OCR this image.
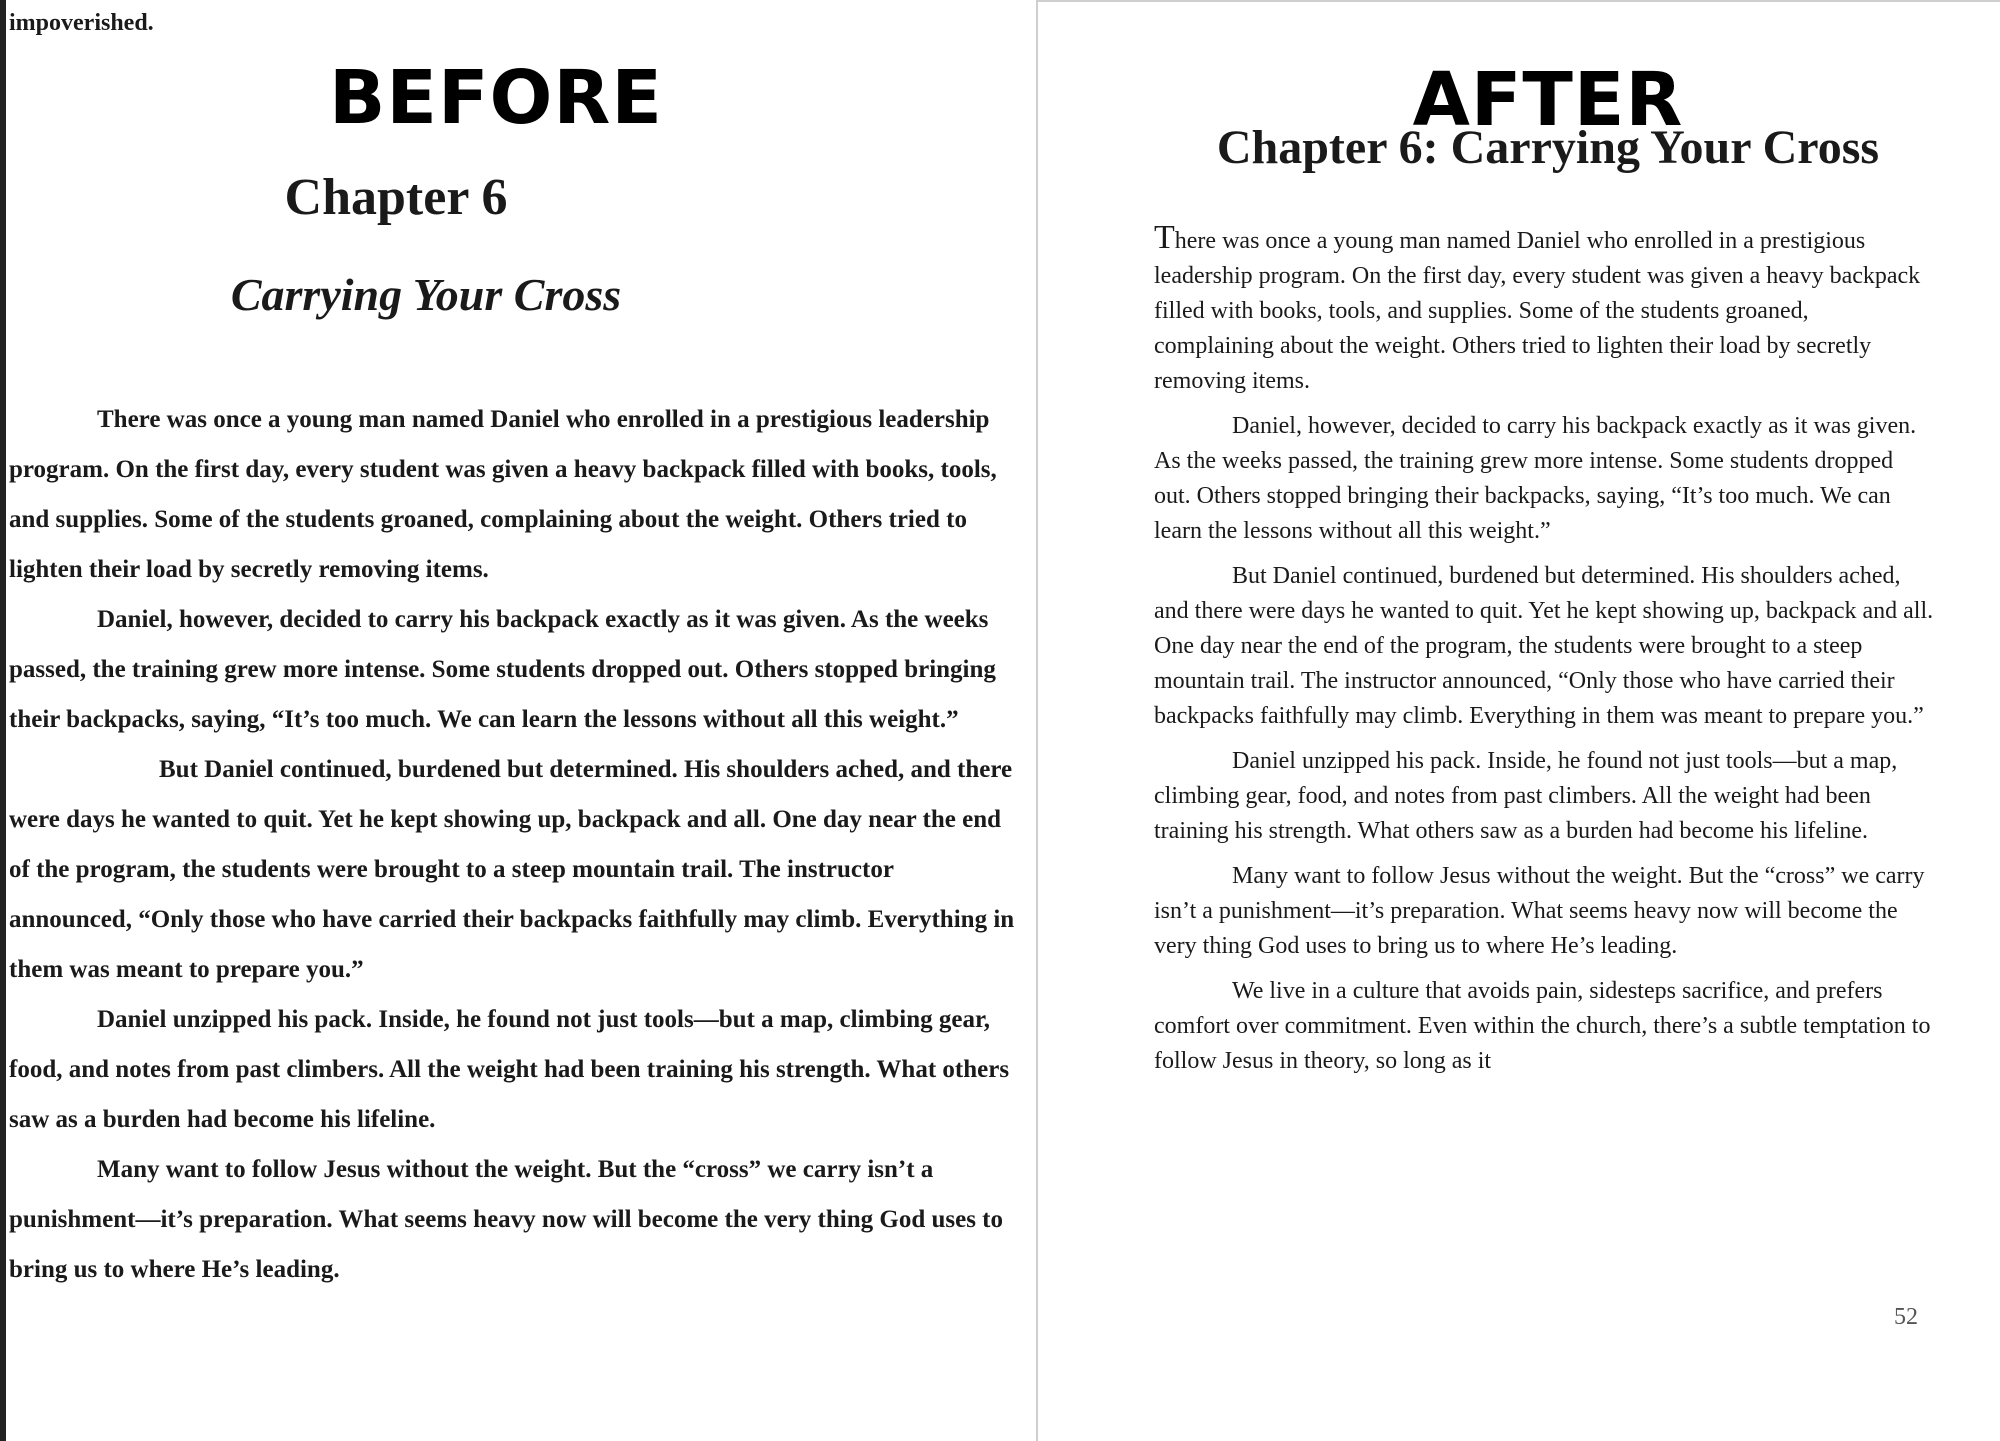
impoverished.
BEFORE
Chapter 6
Carrying Your Cross

There was once a young man named Daniel who enrolled in a prestigious leadership program. On the first day, every student was given a heavy backpack filled with books, tools, and supplies. Some of the students groaned, complaining about the weight. Others tried to lighten their load by secretly removing items.

Daniel, however, decided to carry his backpack exactly as it was given. As the weeks passed, the training grew more intense. Some students dropped out. Others stopped bringing their backpacks, saying, “It’s too much. We can learn the lessons without all this weight.”But Daniel continued, burdened but determined. His shoulders ached, and there were days he wanted to quit. Yet he kept showing up, backpack and all. One day near the end of the program, the students were brought to a steep mountain trail. The instructor announced, “Only those who have carried their backpacks faithfully may climb. Everything in them was meant to prepare you.”

Daniel unzipped his pack. Inside, he found not just tools—but a map, climbing gear, food, and notes from past climbers. All the weight had been training his strength. What others saw as a burden had become his lifeline.

Many want to follow Jesus without the weight. But the “cross” we carry isn’t a punishment—it’s preparation. What seems heavy now will become the very thing God uses to bring us to where He’s leading.

AFTER
Chapter 6: Carrying Your Cross

There was once a young man named Daniel who enrolled in a prestigious leadership program. On the first day, every student was given a heavy backpack filled with books, tools, and supplies. Some of the students groaned, complaining about the weight. Others tried to lighten their load by secretly removing items.

Daniel, however, decided to carry his backpack exactly as it was given. As the weeks passed, the training grew more intense. Some students dropped out. Others stopped bringing their backpacks, saying, “It’s too much. We can learn the lessons without all this weight.”

But Daniel continued, burdened but determined. His shoulders ached, and there were days he wanted to quit. Yet he kept showing up, backpack and all. One day near the end of the program, the students were brought to a steep mountain trail. The instructor announced, “Only those who have carried their backpacks faithfully may climb. Everything in them was meant to prepare you.”

Daniel unzipped his pack. Inside, he found not just tools—but a map, climbing gear, food, and notes from past climbers. All the weight had been training his strength. What others saw as a burden had become his lifeline.

Many want to follow Jesus without the weight. But the “cross” we carry isn’t a punishment—it’s preparation. What seems heavy now will become the very thing God uses to bring us to where He’s leading.

We live in a culture that avoids pain, sidesteps sacrifice, and prefers comfort over commitment. Even within the church, there’s a subtle temptation to follow Jesus in theory, so long as it

52
